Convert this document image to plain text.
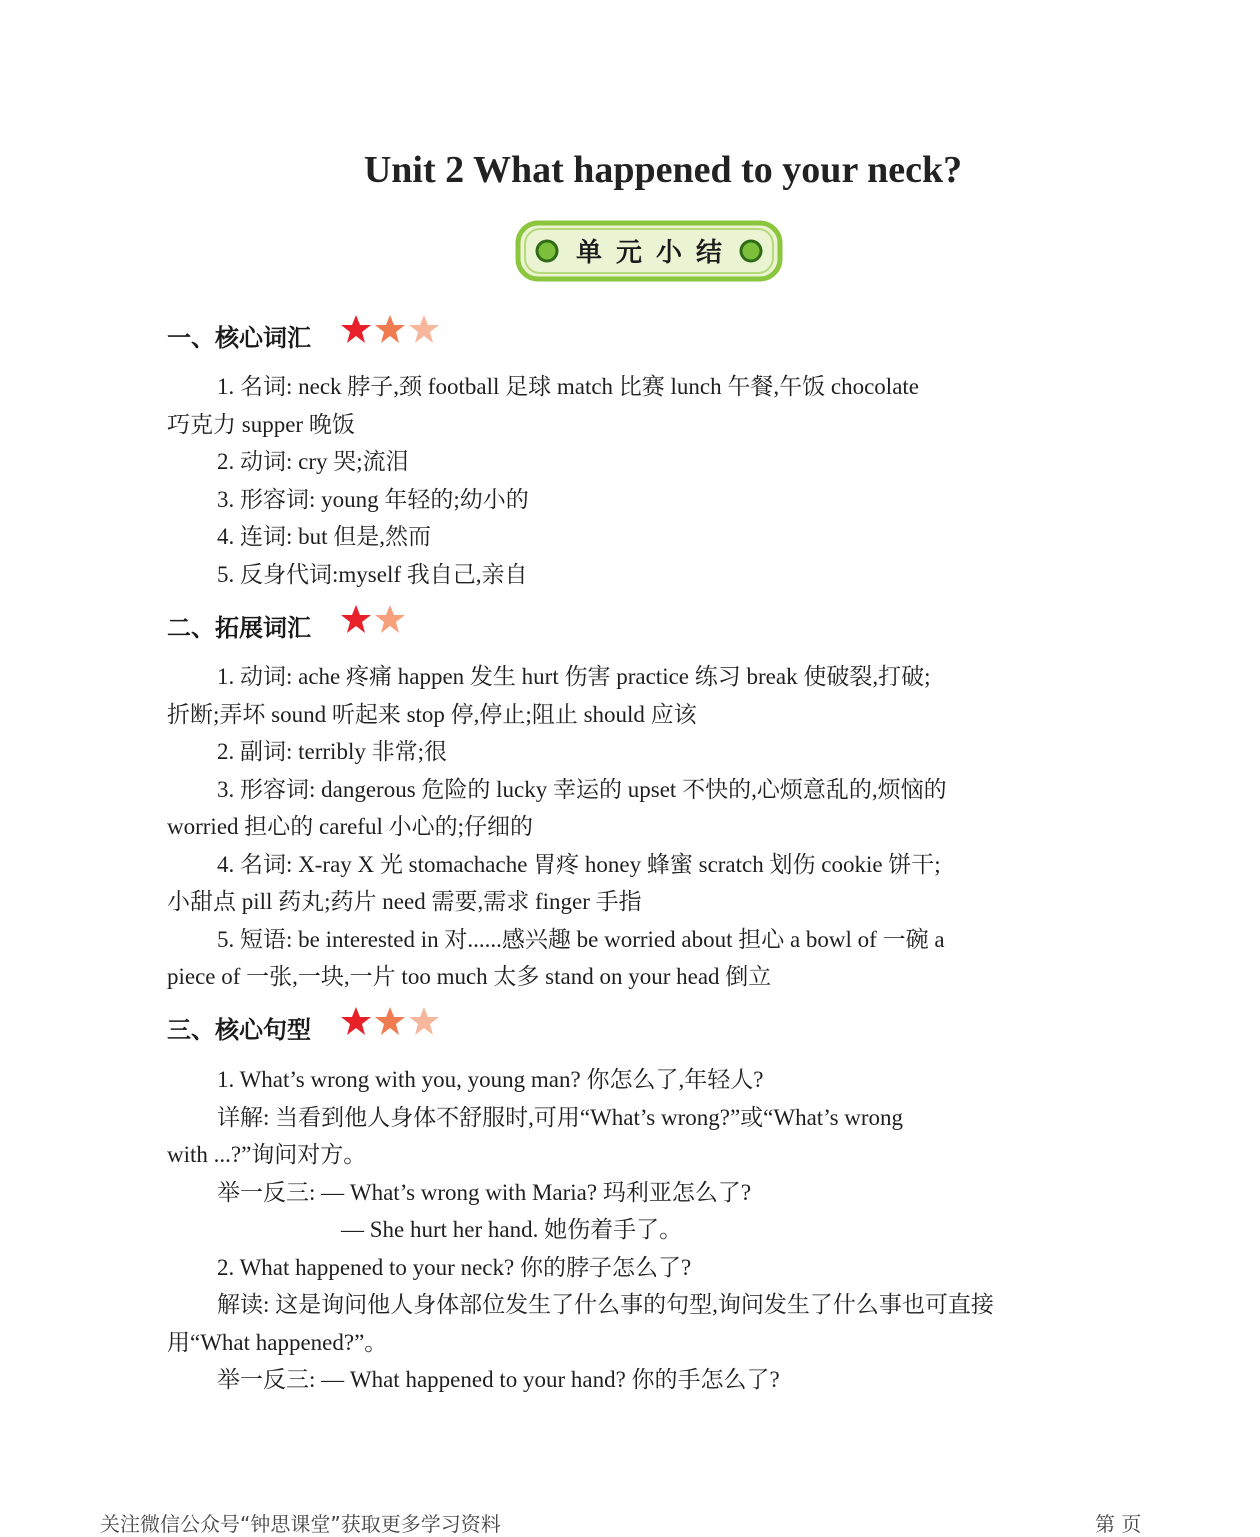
Unit 2 What happened to your neck?
单元小结
一、核心词汇
1. 名词: neck 脖子,颈 football 足球 match 比赛 lunch 午餐,午饭 chocolate
巧克力 supper 晚饭
2. 动词: cry 哭;流泪
3. 形容词: young 年轻的;幼小的
4. 连词: but 但是,然而
5. 反身代词:myself 我自己,亲自
二、拓展词汇
1. 动词: ache 疼痛 happen 发生 hurt 伤害 practice 练习 break 使破裂,打破;
折断;弄坏 sound 听起来 stop 停,停止;阻止 should 应该
2. 副词: terribly 非常;很
3. 形容词: dangerous 危险的 lucky 幸运的 upset 不快的,心烦意乱的,烦恼的
worried 担心的 careful 小心的;仔细的
4. 名词: X-ray X 光 stomachache 胃疼 honey 蜂蜜 scratch 划伤 cookie 饼干;
小甜点 pill 药丸;药片 need 需要,需求 finger 手指
5. 短语: be interested in 对......感兴趣 be worried about 担心 a bowl of 一碗 a
piece of 一张,一块,一片 too much 太多 stand on your head 倒立
三、核心句型
1. What’s wrong with you, young man? 你怎么了,年轻人?
详解: 当看到他人身体不舒服时,可用“What’s wrong?”或“What’s wrong
with ...?”询问对方。
举一反三: — What’s wrong with Maria? 玛利亚怎么了?
— She hurt her hand. 她伤着手了。
2. What happened to your neck? 你的脖子怎么了?
解读: 这是询问他人身体部位发生了什么事的句型,询问发生了什么事也可直接
用“What happened?”。
举一反三: — What happened to your hand? 你的手怎么了?
关注微信公众号“钟思课堂”获取更多学习资料	第 页
